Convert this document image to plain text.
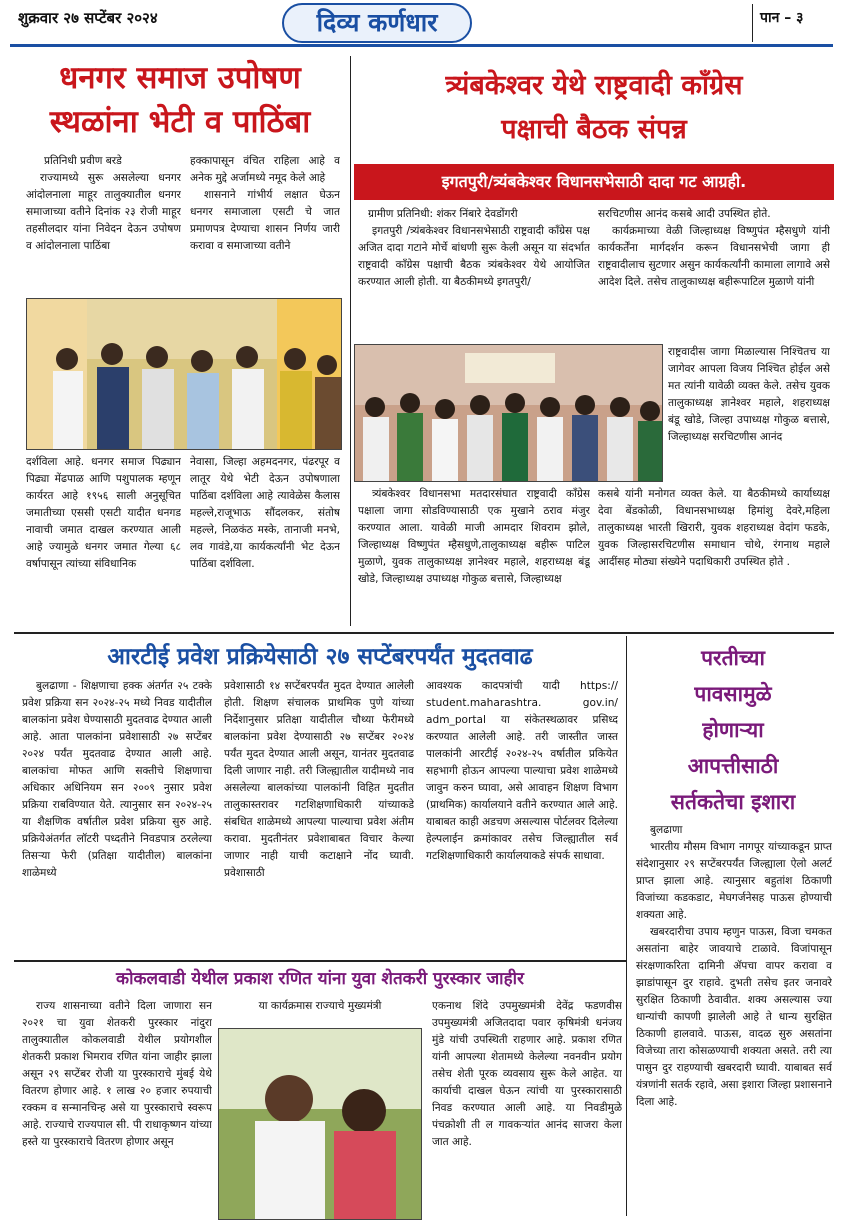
शुक्रवार २७ सप्टेंबर २०२४	दिव्य कर्णधार	पान – ३
धनगर समाज उपोषण
स्थळांना भेटी व पाठिंबा

प्रतिनिधी प्रवीण बरडे

राज्यामध्ये सुरू असलेल्या धनगर आंदोलनाला माहूर तालुक्यातील धनगर समाजाच्या वतीने दिनांक २३ रोजी माहूर तहसीलदार यांना निवेदन देऊन उपोषण व आंदोलनाला पाठिंबा

हक्कापासून वंचित राहिला आहे व अनेक मुद्दे अर्जामध्ये नमूद केले आहे

शासनाने गांभीर्य लक्षात घेऊन धनगर समाजाला एसटी चे जात प्रमाणपत्र देण्याचा शासन निर्णय जारी करावा व समाजाच्या वतीने

दर्शविला आहे. धनगर समाज पिढ्यान पिढ्या मेंढपाळ आणि पशुपालक म्हणून कार्यरत आहे १९५६ साली अनुसूचित जमातीच्या एससी एसटी यादीत धनगड नावाची जमात दाखल करण्यात आली आहे ज्यामुळे धनगर जमात गेल्या ६८ वर्षापासून त्यांच्या संविधानिक

नेवासा, जिल्हा अहमदनगर, पंढरपूर व लातूर येथे भेटी देऊन उपोषणाला पाठिंबा दर्शविला आहे त्यावेळेस कैलास महल्ले,राजूभाऊ सौंदलकर, संतोष महल्ले, निळकंठ मस्के, तानाजी मनभे, लव गावंडे,या कार्यकर्त्यांनी भेट देऊन पाठिंबा दर्शविला.

त्र्यंबकेश्वर येथे राष्ट्रवादी काँग्रेस
पक्षाची बैठक संपन्न
इगतपुरी/त्र्यंबकेश्वर विधानसभेसाठी दादा गट आग्रही.

ग्रामीण प्रतिनिधी: शंकर निंबारे देवडोंगरी

इगतपुरी /त्र्यंबकेश्वर विधानसभेसाठी राष्ट्रवादी कॉंग्रेस पक्ष अजित दादा गटाने मोर्चे बांधणी सुरू केली असून या संदर्भात राष्ट्रवादी कॉंग्रेस पक्षाची बैठक त्र्यंबकेश्वर येथे आयोजित करण्यात आली होती. या बैठकीमध्ये इगतपुरी/

सरचिटणीस आनंद कसबे आदी उपस्थित होते.

कार्यक्रमाच्या वेळी जिल्हाध्यक्ष विष्णुपंत म्हैसधुणे यांनी कार्यकर्तेंना मार्गदर्शन करून विधानसभेची जागा ही राष्ट्रवादीलाच सुटणार असुन कार्यकर्त्यांनी कामाला लागावे असे आदेश दिले. तसेच तालुकाध्यक्ष बहीरूपाटिल मुळाणे यांनी

राष्ट्रवादीस जागा मिळाल्यास निश्चितच या जागेवर आपला विजय निश्चित होईल असे मत त्यांनी यावेळी व्यक्त केले. तसेच युवक तालुकाध्यक्ष ज्ञानेश्वर महाले, शहराध्यक्ष बंडू खोडे, जिल्हा उपाध्यक्ष गोकुळ बत्तासे, जिल्हाध्यक्ष सरचिटणीस आनंद

त्र्यंबकेश्वर विधानसभा मतदारसंघात राष्ट्रवादी कॉंग्रेस पक्षाला जागा सोडविण्यासाठी एक मुखाने ठराव मंजुर करण्यात आला. यावेळी माजी आमदार शिवराम झोले, जिल्हाध्यक्ष विष्णुपंत म्हैसधुणे,तालुकाध्यक्ष बहीरू पाटिल मुळाणे, युवक तालुकाध्यक्ष ज्ञानेश्वर महाले, शहराध्यक्ष बंडू खोडे, जिल्हाध्यक्ष उपाध्यक्ष गोकुळ बत्तासे, जिल्हाध्यक्ष

कसबे यांनी मनोगत व्यक्त केले. या बैठकीमध्ये कार्याध्यक्ष देवा बेंडकोळी, विधानसभाध्यक्ष हिमांशु देवरे,महिला तालुकाध्यक्ष भारती खिरारी, युवक शहराध्यक्ष वेदांग फडके, युवक जिल्हासरचिटणीस समाधान चोथे, रंगनाथ महाले आदींसह मोठ्या संख्येने पदाधिकारी उपस्थित होते .

आरटीई प्रवेश प्रक्रियेसाठी २७ सप्टेंबरपर्यंत मुदतवाढ

बुलढाणा - शिक्षणाचा हक्क अंतर्गत २५ टक्के प्रवेश प्रक्रिया सन २०२४-२५ मध्ये निवड यादीतील बालकांना प्रवेश घेण्यासाठी मुदतवाढ देण्यात आली आहे. आता पालकांना प्रवेशासाठी २७ सप्टेंबर २०२४ पर्यंत मुदतवाढ देण्यात आली आहे. बालकांचा मोफत आणि सक्तीचे शिक्षणाचा अधिकार अधिनियम सन २००९ नुसार प्रवेश प्रक्रिया राबविण्यात येते. त्यानुसार सन २०२४-२५ या शैक्षणिक वर्षातील प्रवेश प्रक्रिया सुरु आहे. प्रक्रियेअंतर्गत लॉटरी पध्दतीने निवडपात्र ठरलेल्या तिसऱ्या फेरी (प्रतिक्षा यादीतील) बालकांना शाळेमध्ये

प्रवेशासाठी १४ सप्टेंबरपर्यंत मुदत देण्यात आलेली होती. शिक्षण संचालक प्राथमिक पुणे यांच्या निर्देशानुसार प्रतिक्षा यादीतील चौथ्या फेरीमध्ये बालकांना प्रवेश देण्यासाठी २७ सप्टेंबर २०२४ पर्यंत मुदत देण्यात आली असून, यानंतर मुदतवाढ दिली जाणार नाही. तरी जिल्ह्यातील यादीमध्ये नाव असलेल्या बालकांच्या पालकांनी विहित मुदतीत तालुकास्तरावर गटशिक्षणाधिकारी यांच्याकडे संबधित शाळेमध्ये आपल्या पाल्याचा प्रवेश अंतीम करावा. मुदतीनंतर प्रवेशाबाबत विचार केल्या जाणार नाही याची कटाक्षाने नोंद घ्यावी. प्रवेशासाठी

आवश्यक कादपत्रांची यादी https:// student.maharashtra. gov.in/ adm_portal या संकेतस्थळावर प्रसिध्द करण्यात आलेली आहे. तरी जास्तीत जास्त पालकांनी आरटीई २०२४-२५ वर्षातील प्रकियेत सहभागी होऊन आपल्या पाल्याचा प्रवेश शाळेमध्ये जावुन करुन घ्यावा, असे आवाहन शिक्षण विभाग (प्राथमिक) कार्यालयाने वतीने करण्यात आले आहे. याबाबत काही अडचण असल्यास पोर्टलवर दिलेल्या हेल्पलाईन क्रमांकावर तसेच जिल्ह्यातील सर्व गटशिक्षणाधिकारी कार्यालयाकडे संपर्क साधावा.

परतीच्या
पावसामुळे
होणाऱ्या
आपत्तीसाठी
सर्तकतेचा इशारा

बुलढाणा

भारतीय मौसम विभाग नागपूर यांच्याकडून प्राप्त संदेशानुसार २९ सप्टेंबरपर्यंत जिल्ह्याला ऐलो अलर्ट प्राप्त झाला आहे. त्यानुसार बहुतांश ठिकाणी विजांच्या कडकडाट, मेघगर्जनेसह पाऊस होण्याची शक्यता आहे.

खबरदारीचा उपाय म्हणुन पाऊस, विजा चमकत असतांना बाहेर जावयाचे टाळावे. विजांपासून संरक्षणाकरिता दामिनी ॲपचा वापर करावा व झाडांपासून दुर राहावे. दुभती तसेच इतर जनावरे सुरक्षित ठिकाणी ठेवावीत. शक्य असल्यास ज्या धान्यांची कापणी झालेली आहे ते धान्य सुरक्षित ठिकाणी हालवावे. पाऊस, वादळ सुरु असतांना विजेच्या तारा कोसळण्याची शक्यता असते. तरी त्या पासुन दुर राहण्याची खबरदारी घ्यावी. याबाबत सर्व यंत्रणांनी सतर्क रहावे, असा इशारा जिल्हा प्रशासनाने दिला आहे.

कोकलवाडी येथील प्रकाश रणित यांना युवा शेतकरी पुरस्कार जाहीर

राज्य शासनाच्या वतीने दिला जाणारा सन २०२१ चा युवा शेतकरी पुरस्कार नांदुरा तालुक्यातील कोकलवाडी येथील प्रयोगशील शेतकरी प्रकाश भिमराव रणित यांना जाहीर झाला असून २९ सप्टेंबर रोजी या पुरस्काराचे मुंबई येथे वितरण होणार आहे. १ लाख २० हजार रुपयाची रक्कम व सन्मानचिन्ह असे या पुरस्काराचे स्वरूप आहे. राज्याचे राज्यपाल सी. पी राधाकृष्णन यांच्या हस्ते या पुरस्काराचे वितरण होणार असून

या कार्यक्रमास राज्याचे मुख्यमंत्री	एकनाथ शिंदे उपमुख्यमंत्री देवेंद्र फडणवीस उपमुख्यमंत्री अजितदादा पवार कृषिमंत्री धनंजय मुंडे यांची उपस्थिती राहणार आहे. प्रकाश रणित यांनी आपल्या शेतामध्ये केलेल्या नवनवीन प्रयोग तसेच शेती पूरक व्यवसाय सुरू केले आहेत. या कार्याची दाखल घेऊन त्यांची या पुरस्कारासाठी निवड करण्यात आली आहे. या निवडीमुळे पंचक्रोशी ती ल गावकऱ्यांत आनंद साजरा केला जात आहे.
